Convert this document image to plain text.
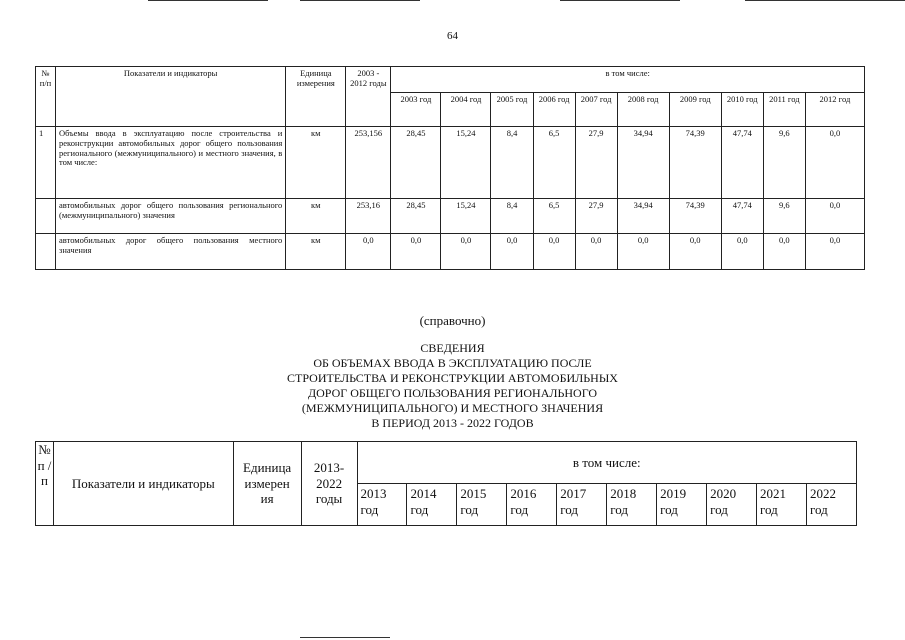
64
№ п/п	Показатели и индикаторы	Единица измерения	2003 - 2012 годы	в том числе:									
				2003 год	2004 год	2005 год	2006 год	2007 год	2008 год	2009 год	2010 год	2011 год	2012 год
1	Объемы ввода в эксплуатацию после строительства и реконструкции автомобильных дорог общего пользования регионального (межмуниципального) и местного значения, в том числе:	км	253,156	28,45	15,24	8,4	6,5	27,9	34,94	74,39	47,74	9,6	0,0
	автомобильных дорог общего пользования регионального (межмуниципального) значения	км	253,16	28,45	15,24	8,4	6,5	27,9	34,94	74,39	47,74	9,6	0,0
	автомобильных дорог общего пользования местного значения	км	0,0	0,0	0,0	0,0	0,0	0,0	0,0	0,0	0,0	0,0	0,0
(справочно)
СВЕДЕНИЯ
ОБ ОБЪЕМАХ ВВОДА В ЭКСПЛУАТАЦИЮ ПОСЛЕ
СТРОИТЕЛЬСТВА И РЕКОНСТРУКЦИИ АВТОМОБИЛЬНЫХ
ДОРОГ ОБЩЕГО ПОЛЬЗОВАНИЯ РЕГИОНАЛЬНОГО
(МЕЖМУНИЦИПАЛЬНОГО) И МЕСТНОГО ЗНАЧЕНИЯ
В ПЕРИОД 2013 - 2022 ГОДОВ
№ п / п	Показатели и индикаторы	Единица измерен ия	2013- 2022 годы	в том числе:									
				2013 год	2014 год	2015 год	2016 год	2017 год	2018 год	2019 год	2020 год	2021 год	2022 год
